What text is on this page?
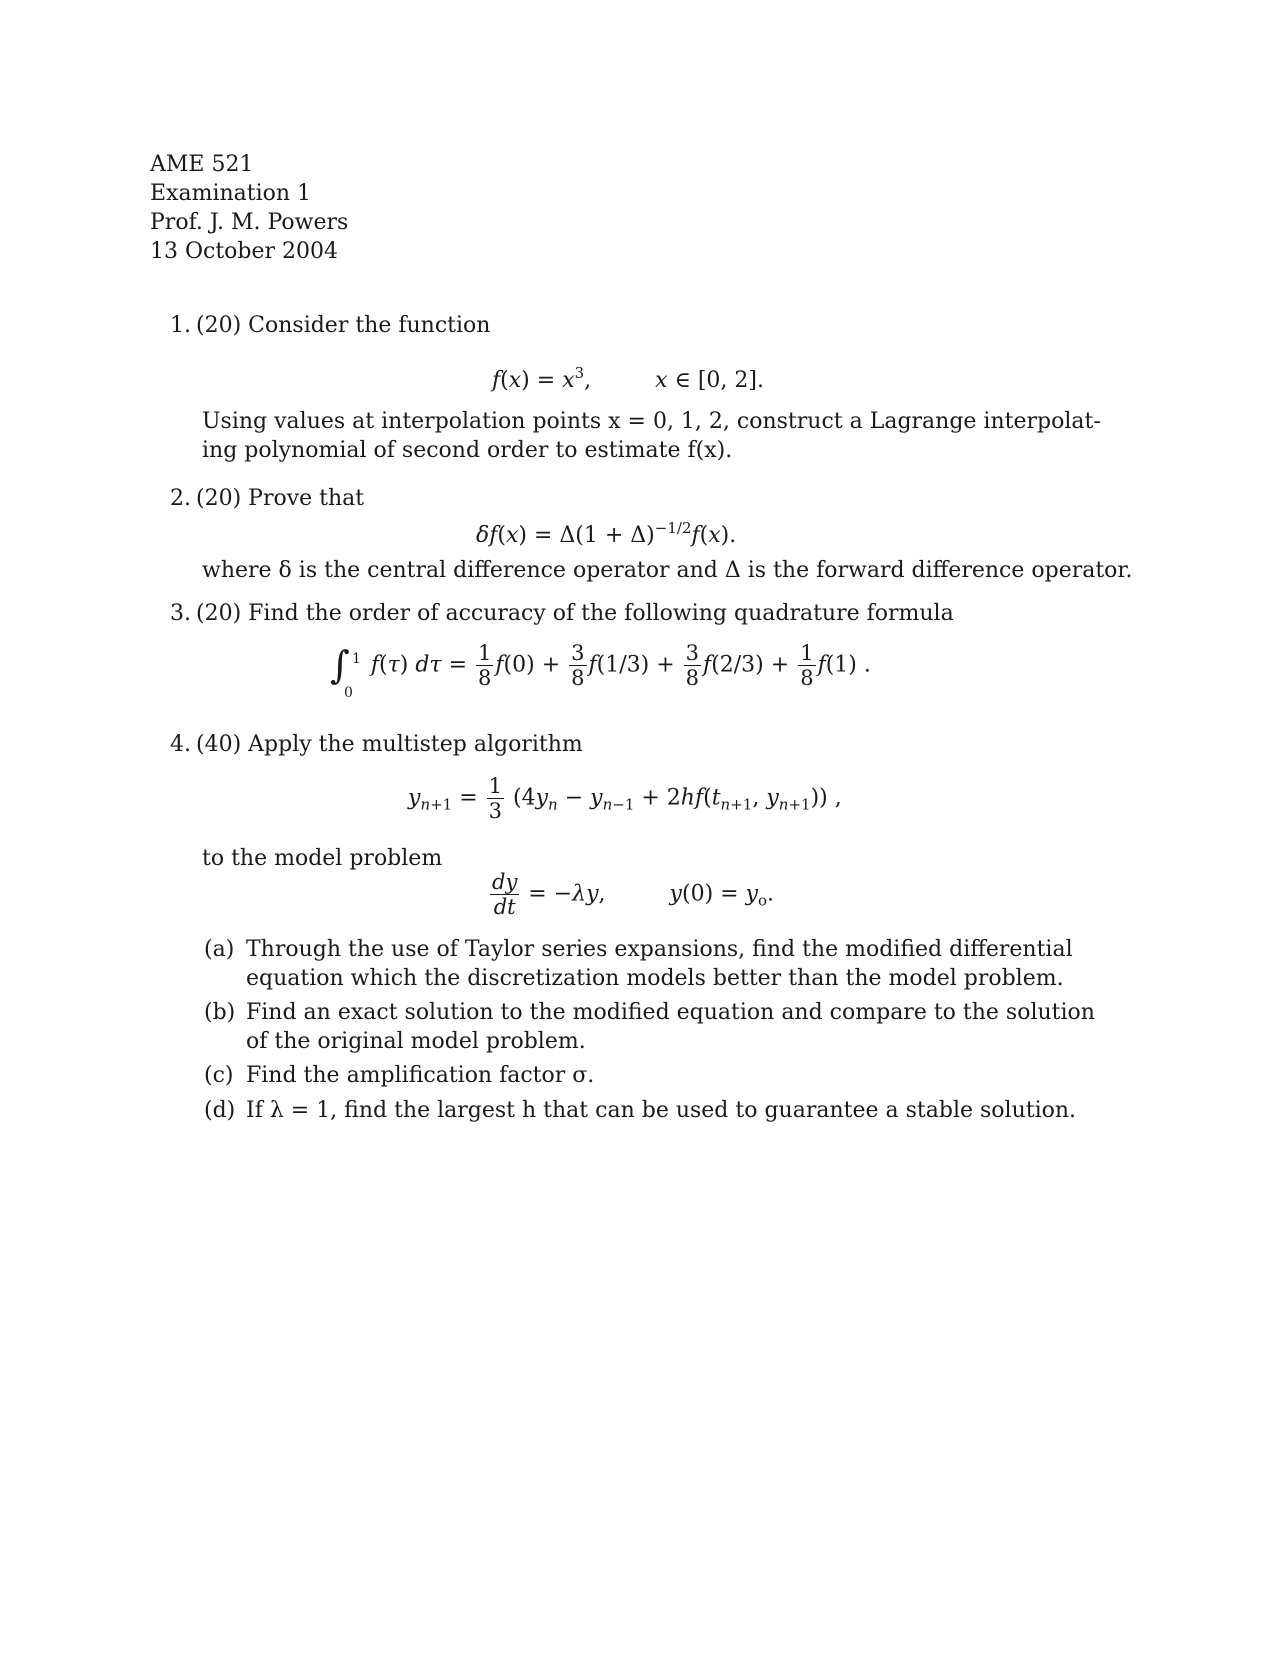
AME 521
Examination 1
Prof. J. M. Powers
13 October 2004
1. (20) Consider the function
$f(x) = x^3$,	x ∈ [0, 2].
Using values at interpolation points x = 0, 1, 2, construct a Lagrange interpolat-
ing polynomial of second order to estimate f(x).
2. (20) Prove that
$\delta f(x) = \Delta(1 + \Delta)^{-1/2}f(x)$.
where δ is the central difference operator and Δ is the forward difference operator.
3. (20) Find the order of accuracy of the following quadrature formula
∫ 1
0
f(τ) $d\tau = \frac{1}{8} f(0) + \frac{3}{8} f(1/3) + \frac{3}{8} f(2/3) + \frac{1}{8} f(1)$ .
4. (40) Apply the multistep algorithm
$y_{n+1} = \frac{1}{3} (4y_n - y_{n-1} + 2hf(t_{n+1}$, $y_{n+1}$)) ,
to the model problem
$\frac{dy}{dt} = -\lambda y$,	$y(0) = y_o$.
(a) Through the use of Taylor series expansions, find the modified differential
equation which the discretization models better than the model problem.
(b) Find an exact solution to the modified equation and compare to the solution
of the original model problem.
(c) Find the amplification factor σ.
(d) If λ = 1, find the largest h that can be used to guarantee a stable solution.
